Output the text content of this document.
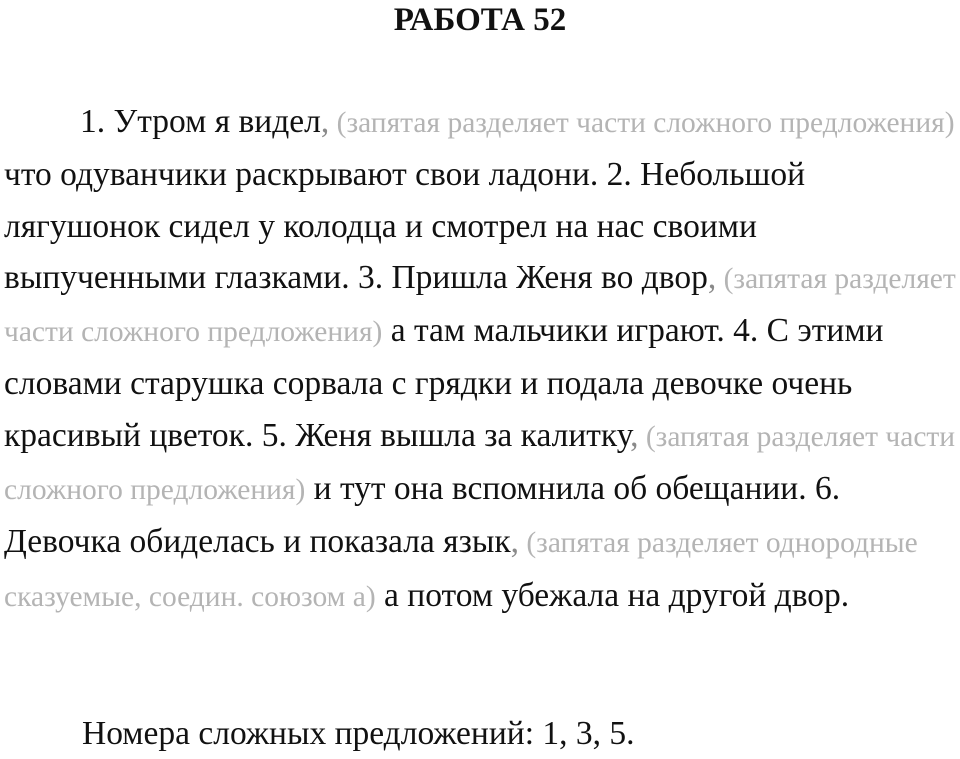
РАБОТА 52

1. Утром я видел, (запятая разделяет части сложного предложения) что одуванчики раскрывают свои ладони. 2. Небольшой лягушонок сидел у колодца и смотрел на нас своими выпученными глазками. 3. Пришла Женя во двор, (запятая разделяет части сложного предложения) а там мальчики играют. 4. С этими словами старушка сорвала с грядки и подала девочке очень красивый цветок. 5. Женя вышла за калитку, (запятая разделяет части сложного предложения) и тут она вспомнила об обещании. 6. Девочка обиделась и показала язык, (запятая разделяет однородные сказуемые, соедин. союзом а) а потом убежала на другой двор.

Номера сложных предложений: 1, 3, 5.
